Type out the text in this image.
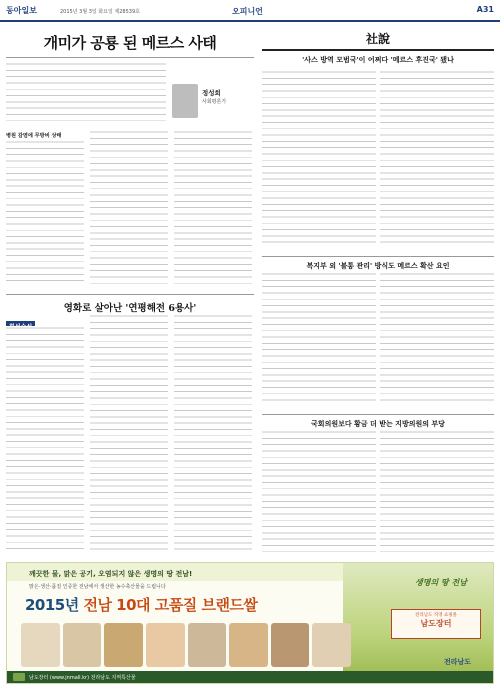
동아일보	2015년 3월 3일 화요일 제28539호	오피니언	A31
개미가 공룡 된 메르스 사태
정성희
사회평론가
병원 감염에 무방비 상태
영화로 살아난 '연평해전 6용사'
社說
'사스 방역 모범국'이 어쩌다 '메르스 후진국' 됐나
복지부 외 '불통 관리' 방식도 메르스 확산 요인
국회의원보다 황금 더 받는 지방의원의 부당
깨끗한 물, 맑은 공기, 오염되지 않은 생명의 땅 전남!
맑은·생산·품질 인증한 전남에서 생산한 농수축산물을 드립니다
2015년 전남 10대 고품질 브랜드쌀
생명의 땅 전남
전라남도 직영 쇼핑몰
남도장터
전라남도
남도장터 (www.jnmall.kr) 전라남도 지역특산물
